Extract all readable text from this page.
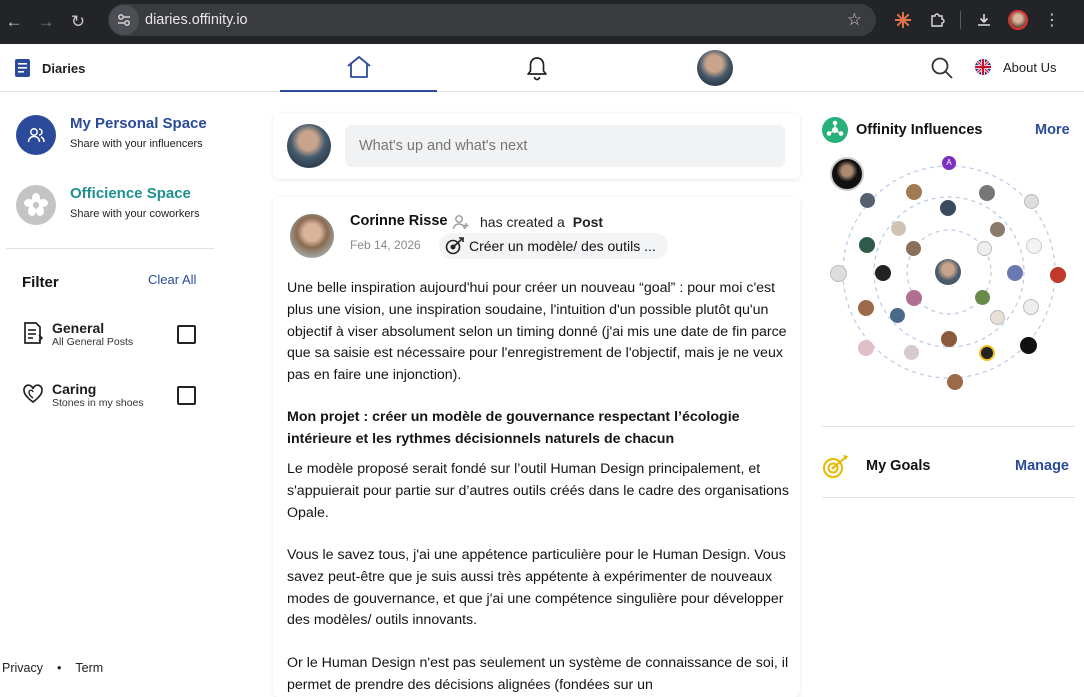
← → ↻	diaries.offinity.io	☆	⋮
Diaries	About Us
My Personal Space
Share with your influencers
Officience Space
Share with your coworkers
Filter	Clear All
General
All General Posts
Caring
Stones in my shoes
Privacy • Term
What's up and what's next
Corinne Risse has created a Post
Feb 14, 2026	Créer un modèle/ des outils ...
Une belle inspiration aujourd'hui pour créer un nouveau “goal” : pour moi c'est plus une vision, une inspiration soudaine, l'intuition d'un possible plutôt qu'un objectif à viser absolument selon un timing donné (j'ai mis une date de fin parce que sa saisie est nécessaire pour l'enregistrement de l'objectif, mais je ne veux pas en faire une injonction).
Mon projet : créer un modèle de gouvernance respectant l’écologie intérieure et les rythmes décisionnels naturels de chacun
Le modèle proposé serait fondé sur l’outil Human Design principalement, et s'appuierait pour partie sur d’autres outils créés dans le cadre des organisations Opale.
Vous le savez tous, j'ai une appétence particulière pour le Human Design. Vous savez peut-être que je suis aussi très appétente à expérimenter de nouveaux modes de gouvernance, et que j'ai une compétence singulière pour développer des modèles/ outils innovants.
Or le Human Design n'est pas seulement un système de connaissance de soi, il permet de prendre des décisions alignées (fondées sur un
Offinity Influences	More
A
My Goals	Manage
